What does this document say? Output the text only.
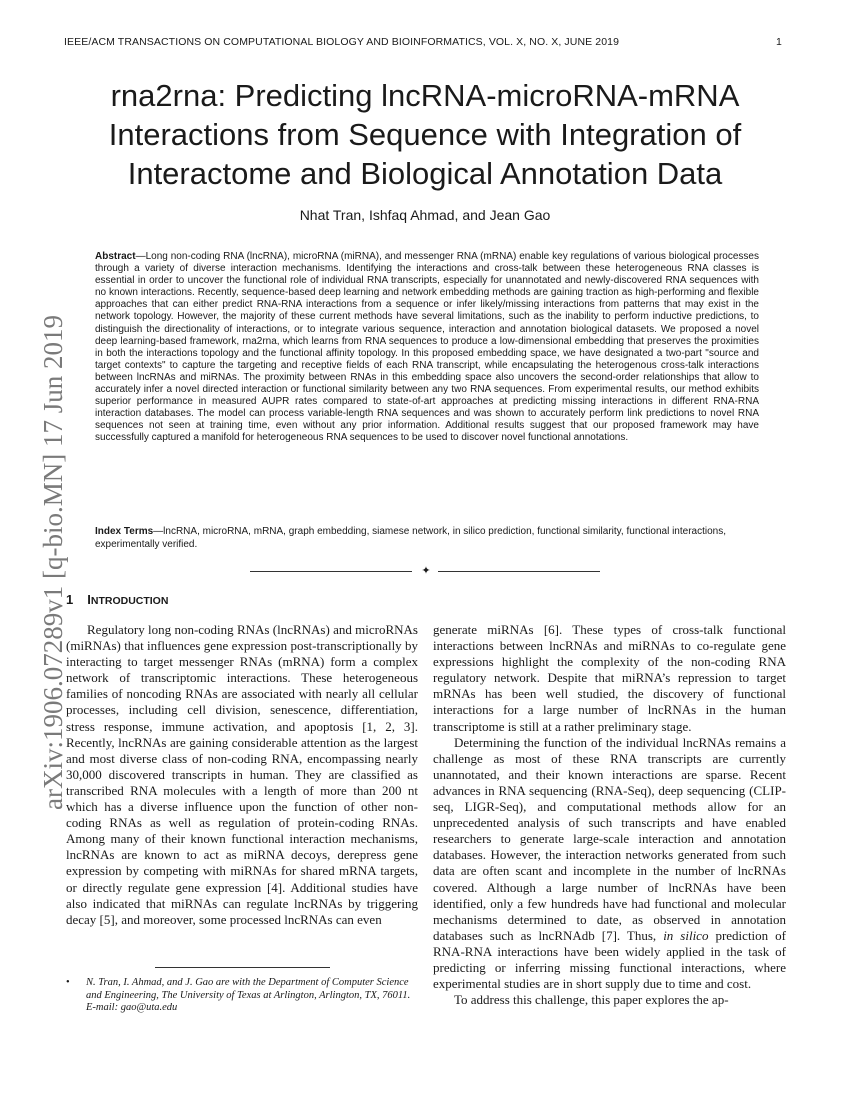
IEEE/ACM TRANSACTIONS ON COMPUTATIONAL BIOLOGY AND BIOINFORMATICS, VOL. X, NO. X, JUNE 2019	1
arXiv:1906.07289v1 [q-bio.MN] 17 Jun 2019
rna2rna: Predicting lncRNA-microRNA-mRNA Interactions from Sequence with Integration of Interactome and Biological Annotation Data
Nhat Tran, Ishfaq Ahmad, and Jean Gao

Abstract—Long non-coding RNA (lncRNA), microRNA (miRNA), and messenger RNA (mRNA) enable key regulations of various biological processes through a variety of diverse interaction mechanisms. Identifying the interactions and cross-talk between these heterogeneous RNA classes is essential in order to uncover the functional role of individual RNA transcripts, especially for unannotated and newly-discovered RNA sequences with no known interactions. Recently, sequence-based deep learning and network embedding methods are gaining traction as high-performing and flexible approaches that can either predict RNA-RNA interactions from a sequence or infer likely/missing interactions from patterns that may exist in the network topology. However, the majority of these current methods have several limitations, such as the inability to perform inductive predictions, to distinguish the directionality of interactions, or to integrate various sequence, interaction and annotation biological datasets. We proposed a novel deep learning-based framework, rna2rna, which learns from RNA sequences to produce a low-dimensional embedding that preserves the proximities in both the interactions topology and the functional affinity topology. In this proposed embedding space, we have designated a two-part "source and target contexts" to capture the targeting and receptive fields of each RNA transcript, while encapsulating the heterogenous cross-talk interactions between lncRNAs and miRNAs. The proximity between RNAs in this embedding space also uncovers the second-order relationships that allow to accurately infer a novel directed interaction or functional similarity between any two RNA sequences. From experimental results, our method exhibits superior performance in measured AUPR rates compared to state-of-art approaches at predicting missing interactions in different RNA-RNA interaction databases. The model can process variable-length RNA sequences and was shown to accurately perform link predictions to novel RNA sequences not seen at training time, even without any prior information. Additional results suggest that our proposed framework may have successfully captured a manifold for heterogeneous RNA sequences to be used to discover novel functional annotations.

Index Terms—lncRNA, microRNA, mRNA, graph embedding, siamese network, in silico prediction, functional similarity, functional interactions, experimentally verified.

✦
1 INTRODUCTION

Regulatory long non-coding RNAs (lncRNAs) and microRNAs (miRNAs) that influences gene expression post-transcriptionally by interacting to target messenger RNAs (mRNA) form a complex network of transcriptomic interactions. These heterogeneous families of noncoding RNAs are associated with nearly all cellular processes, including cell division, senescence, differentiation, stress response, immune activation, and apoptosis [1, 2, 3]. Recently, lncRNAs are gaining considerable attention as the largest and most diverse class of non-coding RNA, encompassing nearly 30,000 discovered transcripts in human. They are classified as transcribed RNA molecules with a length of more than 200 nt which has a diverse influence upon the function of other non-coding RNAs as well as regulation of protein-coding RNAs. Among many of their known functional interaction mechanisms, lncRNAs are known to act as miRNA decoys, derepress gene expression by competing with miRNAs for shared mRNA targets, or directly regulate gene expression [4]. Additional studies have also indicated that miRNAs can regulate lncRNAs by triggering decay [5], and moreover, some processed lncRNAs can even

generate miRNAs [6]. These types of cross-talk functional interactions between lncRNAs and miRNAs to co-regulate gene expressions highlight the complexity of the non-coding RNA regulatory network. Despite that miRNA’s repression to target mRNAs has been well studied, the discovery of functional interactions for a large number of lncRNAs in the human transcriptome is still at a rather preliminary stage.

Determining the function of the individual lncRNAs remains a challenge as most of these RNA transcripts are currently unannotated, and their known interactions are sparse. Recent advances in RNA sequencing (RNA-Seq), deep sequencing (CLIP-seq, LIGR-Seq), and computational methods allow for an unprecedented analysis of such transcripts and have enabled researchers to generate large-scale interaction and annotation databases. However, the interaction networks generated from such data are often scant and incomplete in the number of lncRNAs covered. Although a large number of lncRNAs have been identified, only a few hundreds have had functional and molecular mechanisms determined to date, as observed in annotation databases such as lncRNAdb [7]. Thus, in silico prediction of RNA-RNA interactions have been widely applied in the task of predicting or inferring missing functional interactions, where experimental studies are in short supply due to time and cost.

To address this challenge, this paper explores the ap-

• N. Tran, I. Ahmad, and J. Gao are with the Department of Computer Science and Engineering, The University of Texas at Arlington, Arlington, TX, 76011.
E-mail: gao@uta.edu
